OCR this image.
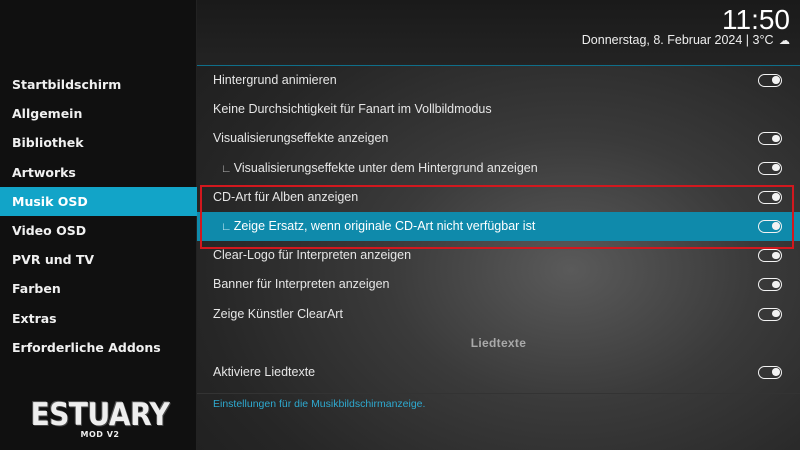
Startbildschirm
Allgemein
Bibliothek
Artworks
Musik OSD
Video OSD
PVR und TV
Farben
Extras
Erforderliche Addons
ESTUARY
MOD V2
11:50
Donnerstag, 8. Februar 2024 | 3°C ☁
Hintergrund animieren
Keine Durchsichtigkeit für Fanart im Vollbildmodus
Visualisierungseffekte anzeigen
∟ Visualisierungseffekte unter dem Hintergrund anzeigen
CD-Art für Alben anzeigen
∟ Zeige Ersatz, wenn originale CD-Art nicht verfügbar ist
Clear-Logo für Interpreten anzeigen
Banner für Interpreten anzeigen
Zeige Künstler ClearArt
Liedtexte
Aktiviere Liedtexte
Einstellungen für die Musikbildschirmanzeige.
